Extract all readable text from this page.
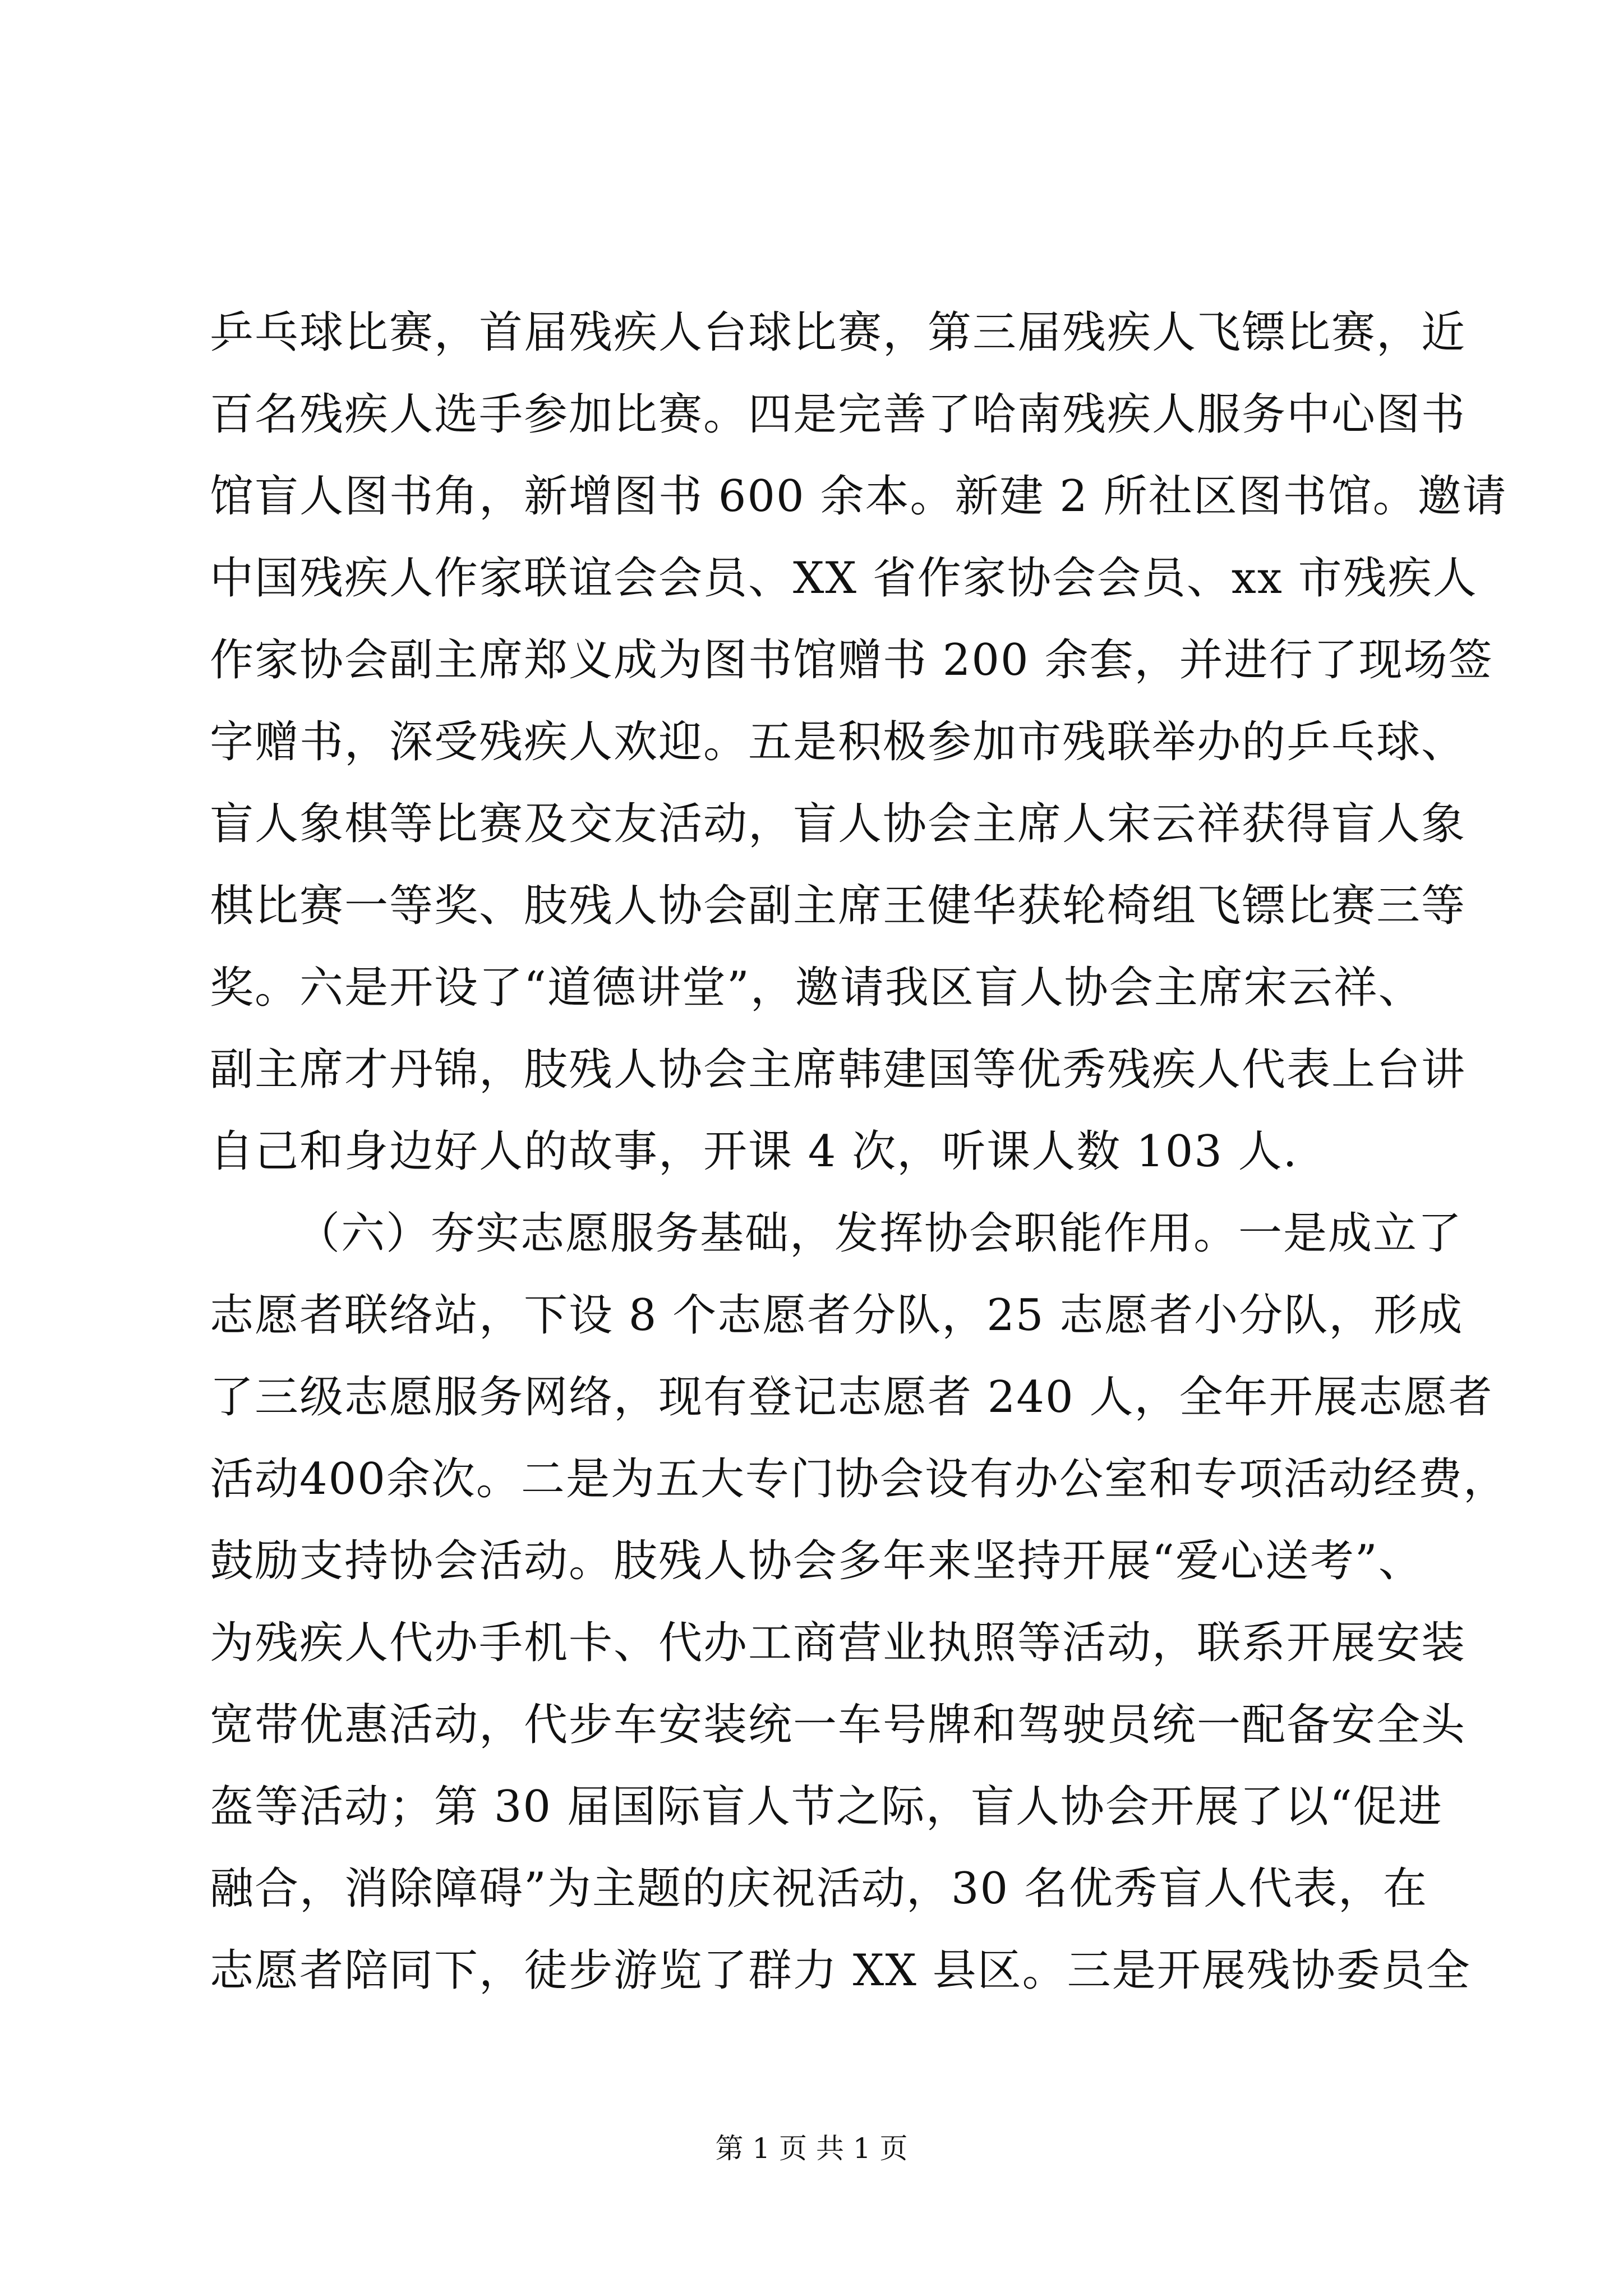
乒乓球比赛，首届残疾人台球比赛，第三届残疾人飞镖比赛，近
百名残疾人选手参加比赛。四是完善了哈南残疾人服务中心图书
馆盲人图书角，新增图书 600 余本。新建 2 所社区图书馆。邀请
中国残疾人作家联谊会会员、XX 省作家协会会员、xx 市残疾人
作家协会副主席郑义成为图书馆赠书 200 余套，并进行了现场签
字赠书，深受残疾人欢迎。五是积极参加市残联举办的乒乓球、
盲人象棋等比赛及交友活动，盲人协会主席人宋云祥获得盲人象
棋比赛一等奖、肢残人协会副主席王健华获轮椅组飞镖比赛三等
奖。六是开设了“道德讲堂”，邀请我区盲人协会主席宋云祥、
副主席才丹锦，肢残人协会主席韩建国等优秀残疾人代表上台讲
自己和身边好人的故事，开课 4 次，听课人数 103 人.
（六）夯实志愿服务基础，发挥协会职能作用。一是成立了
志愿者联络站，下设 8 个志愿者分队，25 志愿者小分队，形成
了三级志愿服务网络，现有登记志愿者 240 人，全年开展志愿者
活动400余次。二是为五大专门协会设有办公室和专项活动经费，
鼓励支持协会活动。肢残人协会多年来坚持开展“爱心送考”、
为残疾人代办手机卡、代办工商营业执照等活动，联系开展安装
宽带优惠活动，代步车安装统一车号牌和驾驶员统一配备安全头
盔等活动；第 30 届国际盲人节之际，盲人协会开展了以“促进
融合，消除障碍”为主题的庆祝活动，30 名优秀盲人代表，在
志愿者陪同下，徒步游览了群力 XX 县区。三是开展残协委员全
第 1 页 共 1 页
